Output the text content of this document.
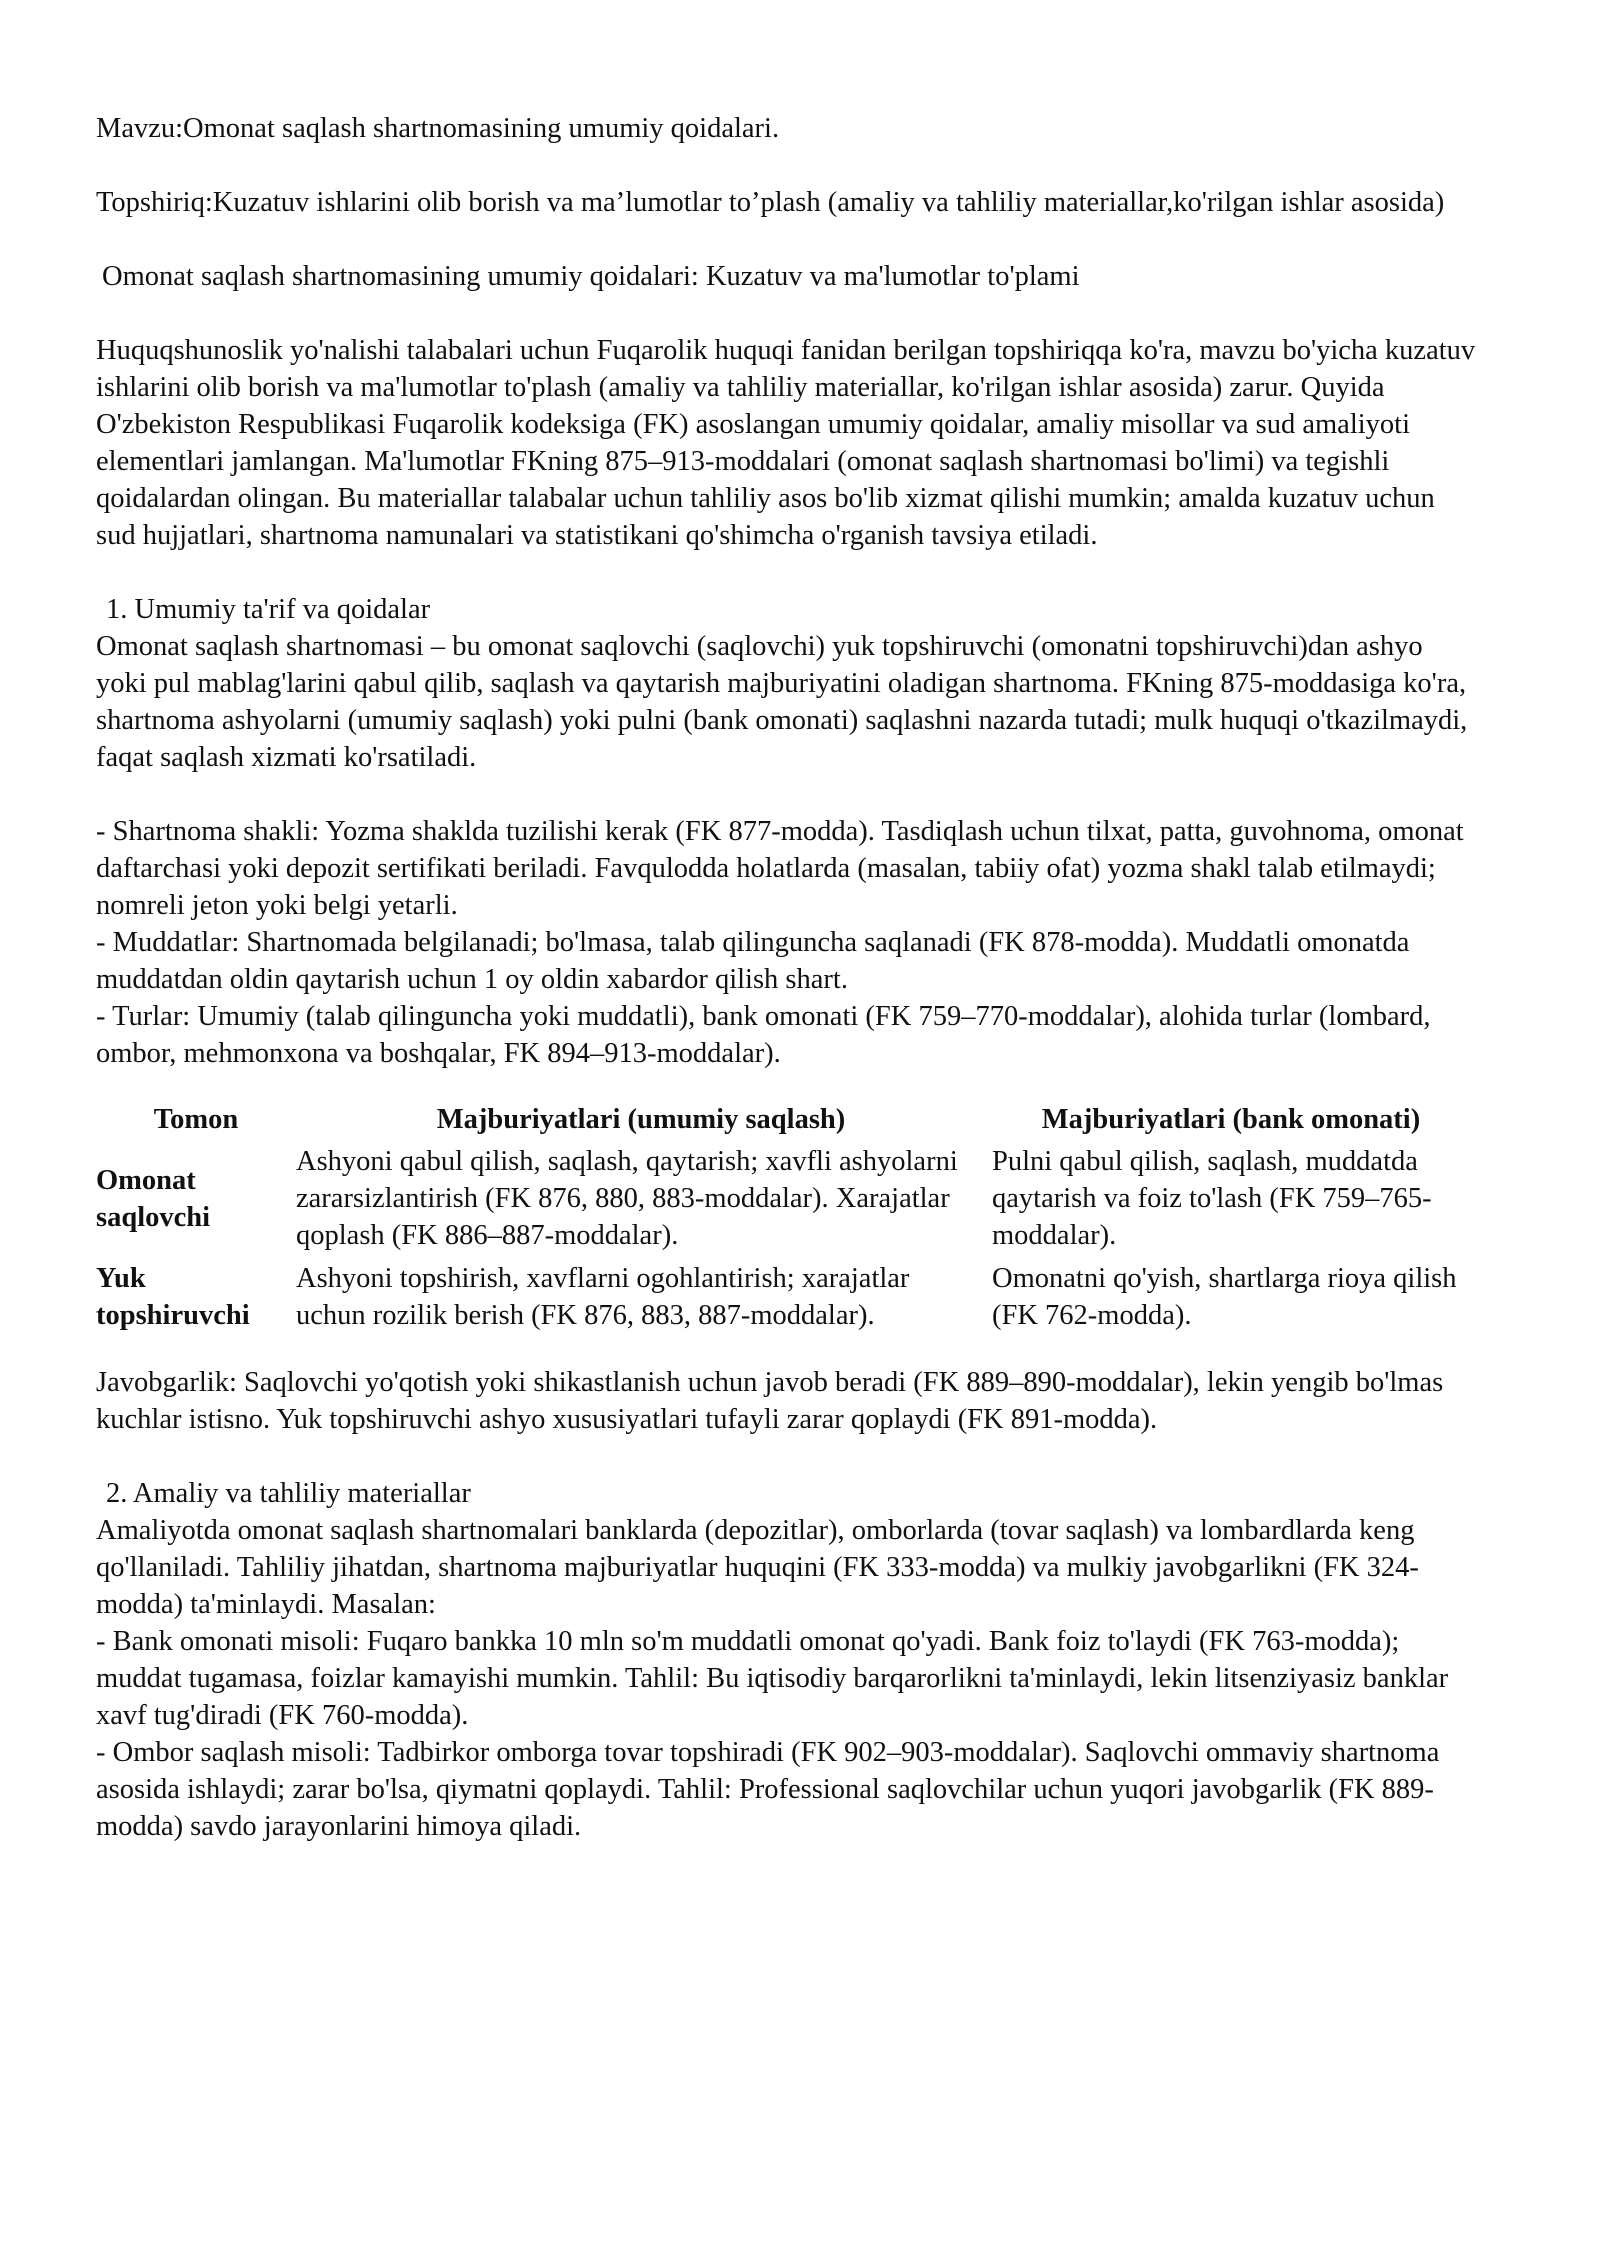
Mavzu:Omonat saqlash shartnomasining umumiy qoidalari.

Topshiriq:Kuzatuv ishlarini olib borish va ma’lumotlar to’plash (amaliy va tahliliy materiallar,ko'rilgan ishlar asosida)

Omonat saqlash shartnomasining umumiy qoidalari: Kuzatuv va ma'lumotlar to'plami

Huquqshunoslik yo'nalishi talabalari uchun Fuqarolik huquqi fanidan berilgan topshiriqqa ko'ra, mavzu bo'yicha kuzatuv ishlarini olib borish va ma'lumotlar to'plash (amaliy va tahliliy materiallar, ko'rilgan ishlar asosida) zarur. Quyida O'zbekiston Respublikasi Fuqarolik kodeksiga (FK) asoslangan umumiy qoidalar, amaliy misollar va sud amaliyoti elementlari jamlangan. Ma'lumotlar FKning 875–913-moddalari (omonat saqlash shartnomasi bo'limi) va tegishli qoidalardan olingan. Bu materiallar talabalar uchun tahliliy asos bo'lib xizmat qilishi mumkin; amalda kuzatuv uchun sud hujjatlari, shartnoma namunalari va statistikani qo'shimcha o'rganish tavsiya etiladi.

1. Umumiy ta'rif va qoidalar

Omonat saqlash shartnomasi – bu omonat saqlovchi (saqlovchi) yuk topshiruvchi (omonatni topshiruvchi)dan ashyo yoki pul mablag'larini qabul qilib, saqlash va qaytarish majburiyatini oladigan shartnoma. FKning 875-moddasiga ko'ra, shartnoma ashyolarni (umumiy saqlash) yoki pulni (bank omonati) saqlashni nazarda tutadi; mulk huquqi o'tkazilmaydi, faqat saqlash xizmati ko'rsatiladi.

- Shartnoma shakli: Yozma shaklda tuzilishi kerak (FK 877-modda). Tasdiqlash uchun tilxat, patta, guvohnoma, omonat daftarchasi yoki depozit sertifikati beriladi. Favqulodda holatlarda (masalan, tabiiy ofat) yozma shakl talab etilmaydi; nomreli jeton yoki belgi yetarli.

- Muddatlar: Shartnomada belgilanadi; bo'lmasa, talab qilinguncha saqlanadi (FK 878-modda). Muddatli omonatda muddatdan oldin qaytarish uchun 1 oy oldin xabardor qilish shart.

- Turlar: Umumiy (talab qilinguncha yoki muddatli), bank omonati (FK 759–770-moddalar), alohida turlar (lombard, ombor, mehmonxona va boshqalar, FK 894–913-moddalar).

Tomon	Majburiyatlari (umumiy saqlash)	Majburiyatlari (bank omonati)
Omonat saqlovchi	Ashyoni qabul qilish, saqlash, qaytarish; xavfli ashyolarni zararsizlantirish (FK 876, 880, 883-moddalar). Xarajatlar qoplash (FK 886–887-moddalar).	Pulni qabul qilish, saqlash, muddatda qaytarish va foiz to'lash (FK 759–765-moddalar).
Yuk topshiruvchi	Ashyoni topshirish, xavflarni ogohlantirish; xarajatlar uchun rozilik berish (FK 876, 883, 887-moddalar).	Omonatni qo'yish, shartlarga rioya qilish (FK 762-modda).

Javobgarlik: Saqlovchi yo'qotish yoki shikastlanish uchun javob beradi (FK 889–890-moddalar), lekin yengib bo'lmas kuchlar istisno. Yuk topshiruvchi ashyo xususiyatlari tufayli zarar qoplaydi (FK 891-modda).

2. Amaliy va tahliliy materiallar

Amaliyotda omonat saqlash shartnomalari banklarda (depozitlar), omborlarda (tovar saqlash) va lombardlarda keng qo'llaniladi. Tahliliy jihatdan, shartnoma majburiyatlar huquqini (FK 333-modda) va mulkiy javobgarlikni (FK 324-modda) ta'minlaydi. Masalan:

- Bank omonati misoli: Fuqaro bankka 10 mln so'm muddatli omonat qo'yadi. Bank foiz to'laydi (FK 763-modda); muddat tugamasa, foizlar kamayishi mumkin. Tahlil: Bu iqtisodiy barqarorlikni ta'minlaydi, lekin litsenziyasiz banklar xavf tug'diradi (FK 760-modda).

- Ombor saqlash misoli: Tadbirkor omborga tovar topshiradi (FK 902–903-moddalar). Saqlovchi ommaviy shartnoma asosida ishlaydi; zarar bo'lsa, qiymatni qoplaydi. Tahlil: Professional saqlovchilar uchun yuqori javobgarlik (FK 889-modda) savdo jarayonlarini himoya qiladi.
